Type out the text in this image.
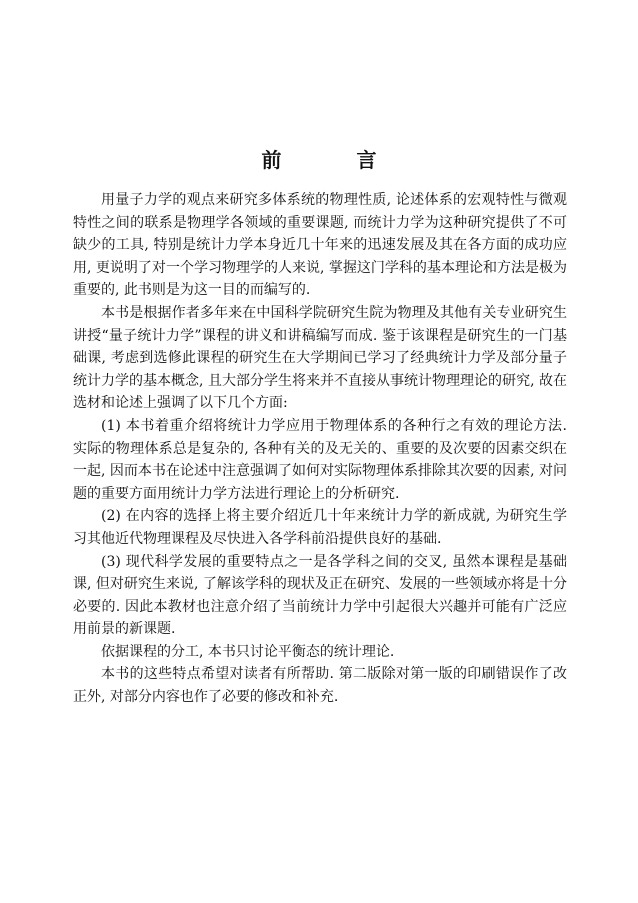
前 言

用量子力学的观点来研究多体系统的物理性质, 论述体系的宏观特性与微观特性之间的联系是物理学各领域的重要课题, 而统计力学为这种研究提供了不可缺少的工具, 特别是统计力学本身近几十年来的迅速发展及其在各方面的成功应用, 更说明了对一个学习物理学的人来说, 掌握这门学科的基本理论和方法是极为重要的, 此书则是为这一目的而编写的.

本书是根据作者多年来在中国科学院研究生院为物理及其他有关专业研究生讲授“量子统计力学”课程的讲义和讲稿编写而成. 鉴于该课程是研究生的一门基础课, 考虑到选修此课程的研究生在大学期间已学习了经典统计力学及部分量子统计力学的基本概念, 且大部分学生将来并不直接从事统计物理理论的研究, 故在选材和论述上强调了以下几个方面:

(1) 本书着重介绍将统计力学应用于物理体系的各种行之有效的理论方法. 实际的物理体系总是复杂的, 各种有关的及无关的、重要的及次要的因素交织在一起, 因而本书在论述中注意强调了如何对实际物理体系排除其次要的因素, 对问题的重要方面用统计力学方法进行理论上的分析研究.

(2) 在内容的选择上将主要介绍近几十年来统计力学的新成就, 为研究生学习其他近代物理课程及尽快进入各学科前沿提供良好的基础.

(3) 现代科学发展的重要特点之一是各学科之间的交叉, 虽然本课程是基础课, 但对研究生来说, 了解该学科的现状及正在研究、发展的一些领域亦将是十分必要的. 因此本教材也注意介绍了当前统计力学中引起很大兴趣并可能有广泛应用前景的新课题.

依据课程的分工, 本书只讨论平衡态的统计理论.

本书的这些特点希望对读者有所帮助. 第二版除对第一版的印刷错误作了改正外, 对部分内容也作了必要的修改和补充.
